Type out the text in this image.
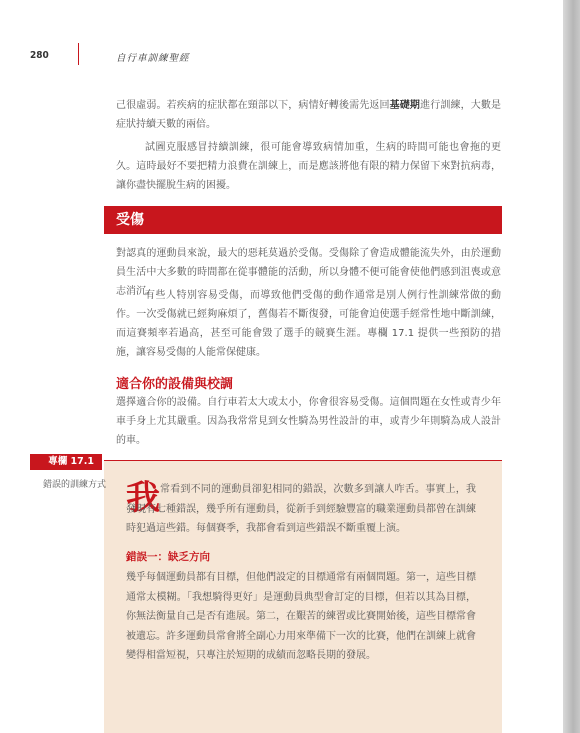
280	自行車訓練聖經

己很虛弱。若疾病的症狀都在頸部以下，病情好轉後需先返回基礎期進行訓練，大數是症狀持續天數的兩倍。

試圖克服感冒持續訓練，很可能會導致病情加重，生病的時間可能也會拖的更久。這時最好不要把精力浪費在訓練上，而是應該將他有限的精力保留下來對抗病毒，讓你盡快擺脫生病的困擾。

受傷

對認真的運動員來說，最大的惡耗莫過於受傷。受傷除了會造成體能流失外，由於運動員生活中大多數的時間都在從事體能的活動，所以身體不便可能會使他們感到沮喪或意志消沉。

有些人特別容易受傷，而導致他們受傷的動作通常是別人例行性訓練常做的動作。一次受傷就已經夠麻煩了，舊傷若不斷復發，可能會迫使選手經常性地中斷訓練，而這賽頻率若過高，甚至可能會毀了選手的競賽生涯。專欄 17.1 提供一些預防的措施，讓容易受傷的人能常保健康。

適合你的設備與校調

選擇適合你的設備。自行車若太大或太小，你會很容易受傷。這個問題在女性或青少年車手身上尤其嚴重。因為我常常見到女性騎為男性設計的車，或青少年則騎為成人設計的車。

專欄 17.1
錯誤的訓練方式 我 常看到不同的運動員卻犯相同的錯誤，次數多到讓人咋舌。事實上，我發現有七種錯誤，幾乎所有運動員，從新手到經驗豐富的職業運動員都曾在訓練時犯過這些錯。每個賽季，我都會看到這些錯誤不斷重覆上演。

錯誤一：缺乏方向

幾乎每個運動員都有目標，但他們設定的目標通常有兩個問題。第一，這些目標通常太模糊。「我想騎得更好」是運動員典型會訂定的目標，但若以其為目標，你無法衡量自己是否有進展。第二，在艱苦的練習或比賽開始後，這些目標常會被遺忘。許多運動員常會將全副心力用來準備下一次的比賽，他們在訓練上就會變得相當短視，只專注於短期的成績而忽略長期的發展。
